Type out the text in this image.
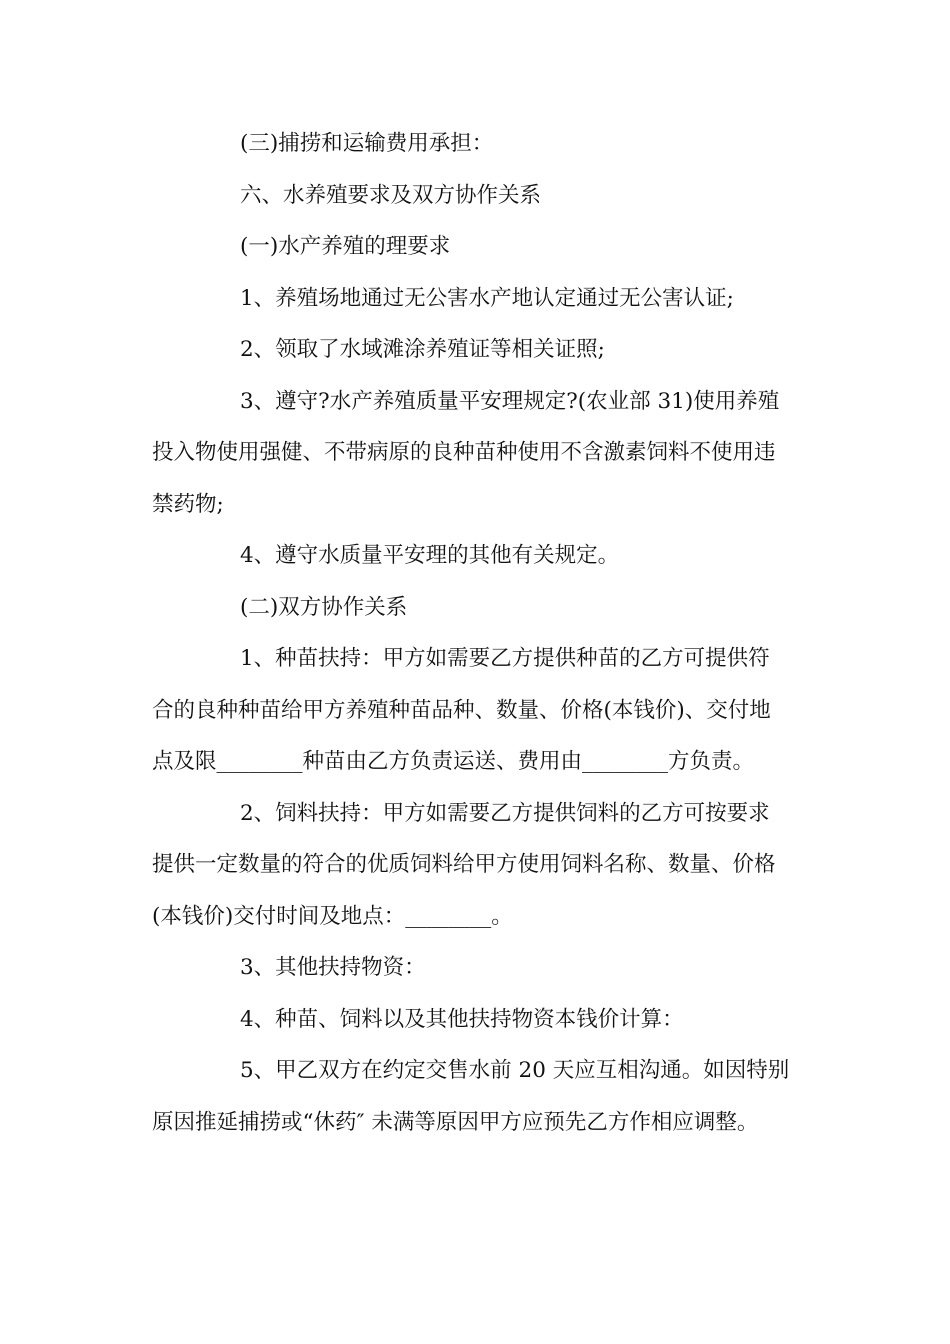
(三)捕捞和运输费用承担：

六、水养殖要求及双方协作关系

(一)水产养殖的理要求

1、养殖场地通过无公害水产地认定通过无公害认证;

2、领取了水域滩涂养殖证等相关证照;

3、遵守?水产养殖质量平安理规定?(农业部 31)使用养殖
投入物使用强健、不带病原的良种苗种使用不含激素饲料不使用违
禁药物;

4、遵守水质量平安理的其他有关规定。

(二)双方协作关系

1、种苗扶持：甲方如需要乙方提供种苗的乙方可提供符
合的良种种苗给甲方养殖种苗品种、数量、价格(本钱价)、交付地
点及限________种苗由乙方负责运送、费用由________方负责。

2、饲料扶持：甲方如需要乙方提供饲料的乙方可按要求
提供一定数量的符合的优质饲料给甲方使用饲料名称、数量、价格
(本钱价)交付时间及地点：________。

3、其他扶持物资：

4、种苗、饲料以及其他扶持物资本钱价计算：

5、甲乙双方在约定交售水前 20 天应互相沟通。如因特别
原因推延捕捞或“休药″ 未满等原因甲方应预先乙方作相应调整。
